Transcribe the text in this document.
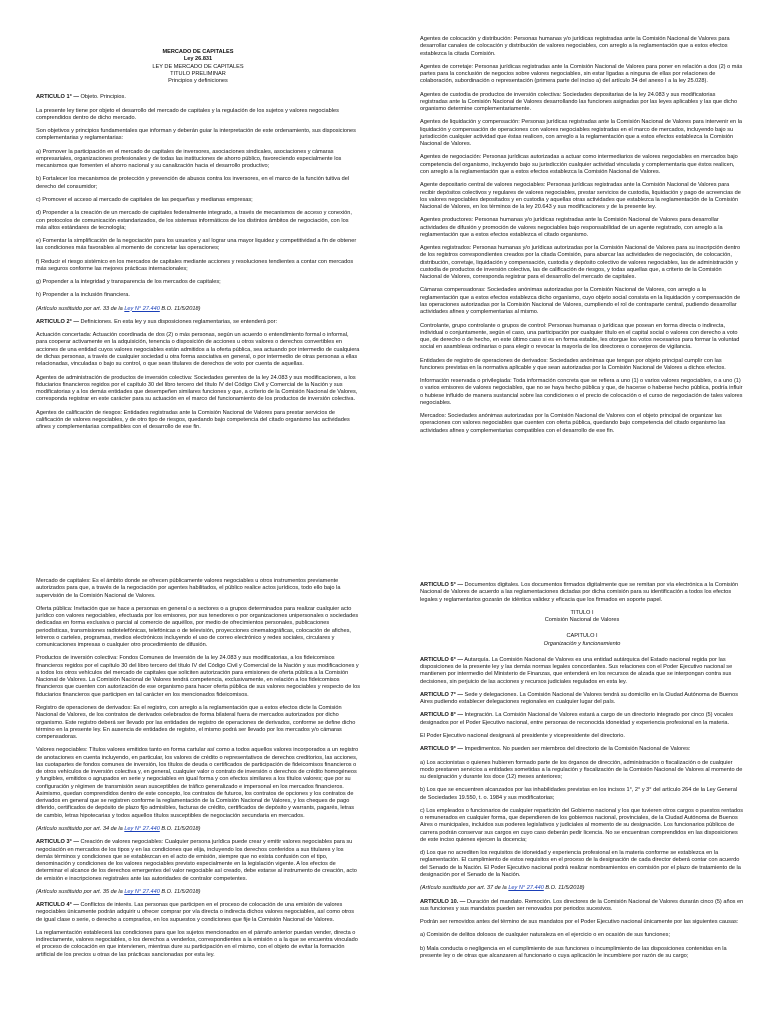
MERCADO DE CAPITALES

Ley 26.831

LEY DE MERCADO DE CAPITALES

TITULO PRELIMINAR

Principios y definiciones

ARTICULO 1° — Objeto. Principios.

La presente ley tiene por objeto el desarrollo del mercado de capitales y la regulación de los sujetos y valores negociables comprendidos dentro de dicho mercado.

Son objetivos y principios fundamentales que informan y deberán guiar la interpretación de este ordenamiento, sus disposiciones complementarias y reglamentarias:

a) Promover la participación en el mercado de capitales de inversores, asociaciones sindicales, asociaciones y cámaras empresariales, organizaciones profesionales y de todas las instituciones de ahorro público, favoreciendo especialmente los mecanismos que fomenten el ahorro nacional y su canalización hacia el desarrollo productivo;

b) Fortalecer los mecanismos de protección y prevención de abusos contra los inversores, en el marco de la función tuitiva del derecho del consumidor;

c) Promover el acceso al mercado de capitales de las pequeñas y medianas empresas;

d) Propender a la creación de un mercado de capitales federalmente integrado, a través de mecanismos de acceso y conexión, con protocolos de comunicación estandarizados, de los sistemas informáticos de los distintos ámbitos de negociación, con los más altos estándares de tecnología;

e) Fomentar la simplificación de la negociación para los usuarios y así lograr una mayor liquidez y competitividad a fin de obtener las condiciones más favorables al momento de concretar las operaciones;

f) Reducir el riesgo sistémico en los mercados de capitales mediante acciones y resoluciones tendientes a contar con mercados más seguros conforme las mejores prácticas internacionales;

g) Propender a la integridad y transparencia de los mercados de capitales;

h) Propender a la inclusión financiera.

(Artículo sustituido por art. 33 de la Ley N° 27.440 B.O. 11/5/2018)

ARTICULO 2° — Definiciones. En esta ley y sus disposiciones reglamentarias, se entenderá por:

Actuación concertada: Actuación coordinada de dos (2) o más personas, según un acuerdo o entendimiento formal o informal, para cooperar activamente en la adquisición, tenencia o disposición de acciones u otros valores o derechos convertibles en acciones de una entidad cuyos valores negociables están admitidos a la oferta pública, sea actuando por intermedio de cualquiera de dichas personas, a través de cualquier sociedad u otra forma asociativa en general, o por intermedio de otras personas a ellas relacionadas, vinculadas o bajo su control, o que sean titulares de derechos de voto por cuenta de aquellas.

Agentes de administración de productos de inversión colectiva: Sociedades gerentes de la ley 24.083 y sus modificaciones, a los fiduciarios financieros regidos por el capítulo 30 del libro tercero del título IV del Código Civil y Comercial de la Nación y sus modificatorias y a los demás entidades que desempeñen similares funciones y que, a criterio de la Comisión Nacional de Valores, corresponda registrar en este carácter para su actuación en el marco del funcionamiento de los productos de inversión colectiva.

Agentes de calificación de riesgos: Entidades registradas ante la Comisión Nacional de Valores para prestar servicios de calificación de valores negociables, y de otro tipo de riesgos, quedando bajo competencia del citado organismo las actividades afines y complementarias compatibles con el desarrollo de ese fin.

Agentes de colocación y distribución: Personas humanas y/o jurídicas registradas ante la Comisión Nacional de Valores para desarrollar canales de colocación y distribución de valores negociables, con arreglo a la reglamentación que a estos efectos establezca la citada Comisión.

Agentes de corretaje: Personas jurídicas registradas ante la Comisión Nacional de Valores para poner en relación a dos (2) o más partes para la conclusión de negocios sobre valores negociables, sin estar ligadas a ninguna de ellas por relaciones de colaboración, subordinación o representación (primera parte del inciso a) del artículo 34 del anexo I a la ley 25.028).

Agentes de custodia de productos de inversión colectiva: Sociedades depositarias de la ley 24.083 y sus modificatorias registradas ante la Comisión Nacional de Valores desarrollando las funciones asignadas por las leyes aplicables y las que dicho organismo determine complementariamente.

Agentes de liquidación y compensación: Personas jurídicas registradas ante la Comisión Nacional de Valores para intervenir en la liquidación y compensación de operaciones con valores negociables registradas en el marco de mercados, incluyendo bajo su jurisdicción cualquier actividad que éstas realicen, con arreglo a la reglamentación que a estos efectos establezca la Comisión Nacional de Valores.

Agentes de negociación: Personas jurídicas autorizadas a actuar como intermediarios de valores negociables en mercados bajo competencia del organismo, incluyendo bajo su jurisdicción cualquier actividad vinculada y complementaria que éstos realicen, con arreglo a la reglamentación que a estos efectos establezca la Comisión Nacional de Valores.

Agente depositario central de valores negociables: Personas jurídicas registradas ante la Comisión Nacional de Valores para recibir depósitos colectivos y regulares de valores negociables, prestar servicios de custodia, liquidación y pago de acreencias de los valores negociables depositados y en custodia y aquellas otras actividades que establezca la reglamentación de la Comisión Nacional de Valores, en los términos de la ley 20.643 y sus modificaciones y de la presente ley.

Agentes productores: Personas humanas y/o jurídicas registradas ante la Comisión Nacional de Valores para desarrollar actividades de difusión y promoción de valores negociables bajo responsabilidad de un agente registrado, con arreglo a la reglamentación que a estos efectos establezca el citado organismo.

Agentes registrados: Personas humanas y/o jurídicas autorizadas por la Comisión Nacional de Valores para su inscripción dentro de los registros correspondientes creados por la citada Comisión, para abarcar las actividades de negociación, de colocación, distribución, corretaje, liquidación y compensación, custodia y depósito colectivo de valores negociables, las de administración y custodia de productos de inversión colectiva, las de calificación de riesgos, y todas aquellas que, a criterio de la Comisión Nacional de Valores, corresponda registrar para el desarrollo del mercado de capitales.

Cámaras compensadoras: Sociedades anónimas autorizadas por la Comisión Nacional de Valores, con arreglo a la reglamentación que a estos efectos establezca dicho organismo, cuyo objeto social consista en la liquidación y compensación de las operaciones autorizadas por la Comisión Nacional de Valores, cumpliendo el rol de contraparte central, pudiendo desarrollar actividades afines y complementarias al mismo.

Controlante, grupo controlante o grupos de control: Personas humanas o jurídicas que posean en forma directa o indirecta, individual o conjuntamente, según el caso, una participación por cualquier título en el capital social o valores con derecho a voto que, de derecho o de hecho, en este último caso si es en forma estable, les otorgue los votos necesarios para formar la voluntad social en asambleas ordinarias o para elegir o revocar la mayoría de los directores o consejeros de vigilancia.

Entidades de registro de operaciones de derivados: Sociedades anónimas que tengan por objeto principal cumplir con las funciones previstas en la normativa aplicable y que sean autorizadas por la Comisión Nacional de Valores a dichos efectos.

Información reservada o privilegiada: Toda información concreta que se refiera a uno (1) o varios valores negociables, o a uno (1) o varios emisores de valores negociables, que no se haya hecho pública y que, de hacerse o haberse hecho pública, podría influir o hubiese influido de manera sustancial sobre las condiciones o el precio de colocación o el curso de negociación de tales valores negociables.

Mercados: Sociedades anónimas autorizadas por la Comisión Nacional de Valores con el objeto principal de organizar las operaciones con valores negociables que cuenten con oferta pública, quedando bajo competencia del citado organismo las actividades afines y complementarias compatibles con el desarrollo de ese fin.

Mercado de capitales: Es el ámbito donde se ofrecen públicamente valores negociables u otros instrumentos previamente autorizados para que, a través de la negociación por agentes habilitados, el público realice actos jurídicos, todo ello bajo la supervisión de la Comisión Nacional de Valores.

Oferta pública: Invitación que se hace a personas en general o a sectores o a grupos determinados para realizar cualquier acto jurídico con valores negociables, efectuada por los emisores, por sus tenedores o por organizaciones unipersonales o sociedades dedicadas en forma exclusiva o parcial al comercio de aquéllos, por medio de ofrecimientos personales, publicaciones periodísticas, transmisiones radiotelefónicas, telefónicas o de televisión, proyecciones cinematográficas, colocación de afiches, letreros o carteles, programas, medios electrónicos incluyendo el uso de correo electrónico y redes sociales, circulares y comunicaciones impresas o cualquier otro procedimiento de difusión.

Productos de inversión colectiva: Fondos Comunes de Inversión de la ley 24.083 y sus modificatorias, a los fideicomisos financieros regidos por el capítulo 30 del libro tercero del título IV del Código Civil y Comercial de la Nación y sus modificaciones y a todos los otros vehículos del mercado de capitales que soliciten autorización para emisiones de oferta pública a la Comisión Nacional de Valores. La Comisión Nacional de Valores tendrá competencia, exclusivamente, en relación a los fideicomisos financieros que cuenten con autorización de ese organismo para hacer oferta pública de sus valores negociables y respecto de los fiduciarios financieros que participen en tal carácter en los mencionados fideicomisos.

Registro de operaciones de derivados: Es el registro, con arreglo a la reglamentación que a estos efectos dicte la Comisión Nacional de Valores, de los contratos de derivados celebrados de forma bilateral fuera de mercados autorizados por dicho organismo. Este registro deberá ser llevado por las entidades de registro de operaciones de derivados, conforme se define dicho término en la presente ley. En ausencia de entidades de registro, el mismo podrá ser llevado por los mercados y/o cámaras compensadoras.

Valores negociables: Títulos valores emitidos tanto en forma cartular así como a todos aquellos valores incorporados a un registro de anotaciones en cuenta incluyendo, en particular, los valores de crédito o representativos de derechos creditorios, las acciones, las cuotapartes de fondos comunes de inversión, los títulos de deuda o certificados de participación de fideicomisos financieros o de otros vehículos de inversión colectiva y, en general, cualquier valor o contrato de inversión o derechos de crédito homogéneos y fungibles, emitidos o agrupados en serie y negociables en igual forma y con efectos similares a los títulos valores; que por su configuración y régimen de transmisión sean susceptibles de tráfico generalizado e impersonal en los mercados financieros. Asimismo, quedan comprendidos dentro de este concepto, los contratos de futuros, los contratos de opciones y los contratos de derivados en general que se registren conforme la reglamentación de la Comisión Nacional de Valores, y los cheques de pago diferido, certificados de depósito de plazo fijo admisibles, facturas de crédito, certificados de depósito y warrants, pagarés, letras de cambio, letras hipotecarias y todos aquellos títulos susceptibles de negociación secundaria en mercados.

(Artículo sustituido por art. 34 de la Ley N° 27.440 B.O. 11/5/2018)

ARTICULO 3° — Creación de valores negociables: Cualquier persona jurídica puede crear y emitir valores negociables para su negociación en mercados de los tipos y en las condiciones que elija, incluyendo los derechos conferidos a sus titulares y los demás términos y condiciones que se establezcan en el acto de emisión, siempre que no exista confusión con el tipo, denominación y condiciones de los valores negociables previsto especialmente en la legislación vigente. A los efectos de determinar el alcance de los derechos emergentes del valor negociable así creado, debe estarse al instrumento de creación, acto de emisión e inscripciones registrales ante las autoridades de contralor competentes.

(Artículo sustituido por art. 35 de la Ley N° 27.440 B.O. 11/5/2018)

ARTICULO 4° — Conflictos de interés. Las personas que participen en el proceso de colocación de una emisión de valores negociables únicamente podrán adquirir u ofrecer comprar por vía directa o indirecta dichos valores negociables, así como otros de igual clase o serie, o derecho a comprarlos, en los supuestos y condiciones que fije la Comisión Nacional de Valores.

La reglamentación establecerá las condiciones para que los sujetos mencionados en el párrafo anterior puedan vender, directa o indirectamente, valores negociables, o los derechos a venderlos, correspondientes a la emisión o a la que se encuentra vinculado el proceso de colocación en que intervienen, mientras dure su participación en el mismo, con el objeto de evitar la formación artificial de los precios u otras de las prácticas sancionadas por esta ley.

ARTICULO 5° — Documentos digitales. Los documentos firmados digitalmente que se remitan por vía electrónica a la Comisión Nacional de Valores de acuerdo a las reglamentaciones dictadas por dicha comisión para su identificación a todos los efectos legales y reglamentarios gozarán de idéntica validez y eficacia que los firmados en soporte papel.

TITULO I

Comisión Nacional de Valores

CAPITULO I

Organización y funcionamiento

ARTICULO 6° — Autarquía. La Comisión Nacional de Valores es una entidad autárquica del Estado nacional regida por las disposiciones de la presente ley y las demás normas legales concordantes. Sus relaciones con el Poder Ejecutivo nacional se mantienen por intermedio del Ministerio de Finanzas, que entenderá en los recursos de alzada que se interpongan contra sus decisiones, sin perjuicio de las acciones y recursos judiciales regulados en esta ley.

ARTICULO 7° — Sede y delegaciones. La Comisión Nacional de Valores tendrá su domicilio en la Ciudad Autónoma de Buenos Aires pudiendo establecer delegaciones regionales en cualquier lugar del país.

ARTICULO 8° — Integración. La Comisión Nacional de Valores estará a cargo de un directorio integrado por cinco (5) vocales designados por el Poder Ejecutivo nacional, entre personas de reconocida idoneidad y experiencia profesional en la materia.

El Poder Ejecutivo nacional designará al presidente y vicepresidente del directorio.

ARTICULO 9° — Impedimentos. No pueden ser miembros del directorio de la Comisión Nacional de Valores:

a) Los accionistas o quienes hubieren formado parte de los órganos de dirección, administración o fiscalización o de cualquier modo prestaren servicios a entidades sometidas a la regulación y fiscalización de la Comisión Nacional de Valores al momento de su designación y durante los doce (12) meses anteriores;

b) Los que se encuentren alcanzados por las inhabilidades previstas en los incisos 1°, 2° y 3° del artículo 264 de la Ley General de Sociedades 19.550, t. o. 1984 y sus modificatorias;

c) Los empleados o funcionarios de cualquier repartición del Gobierno nacional y los que tuvieren otros cargos o puestos rentados o remunerados en cualquier forma, que dependieren de los gobiernos nacional, provinciales, de la Ciudad Autónoma de Buenos Aires o municipales, incluidos sus poderes legislativos y judiciales al momento de su designación. Los funcionarios públicos de carrera podrán conservar sus cargos en cuyo caso deberán pedir licencia. No se encuentran comprendidos en las disposiciones de este inciso quienes ejercen la docencia;

d) Los que no acrediten los requisitos de idoneidad y experiencia profesional en la materia conforme se establezca en la reglamentación. El cumplimiento de estos requisitos en el proceso de la designación de cada director deberá contar con acuerdo del Senado de la Nación. El Poder Ejecutivo nacional podrá realizar nombramientos en comisión por el plazo de tratamiento de la designación por el Senado de la Nación.

(Artículo sustituido por art. 37 de la Ley N° 27.440 B.O. 11/5/2018)

ARTICULO 10. — Duración del mandato. Remoción. Los directores de la Comisión Nacional de Valores durarán cinco (5) años en sus funciones y sus mandatos pueden ser renovados por periodos sucesivos.

Podrán ser removidos antes del término de sus mandatos por el Poder Ejecutivo nacional únicamente por las siguientes causas:

a) Comisión de delitos dolosos de cualquier naturaleza en el ejercicio o en ocasión de sus funciones;

b) Mala conducta o negligencia en el cumplimiento de sus funciones o incumplimiento de las disposiciones contenidas en la presente ley o de otras que alcanzaren al funcionario o cuya aplicación le incumbiere por razón de su cargo;
